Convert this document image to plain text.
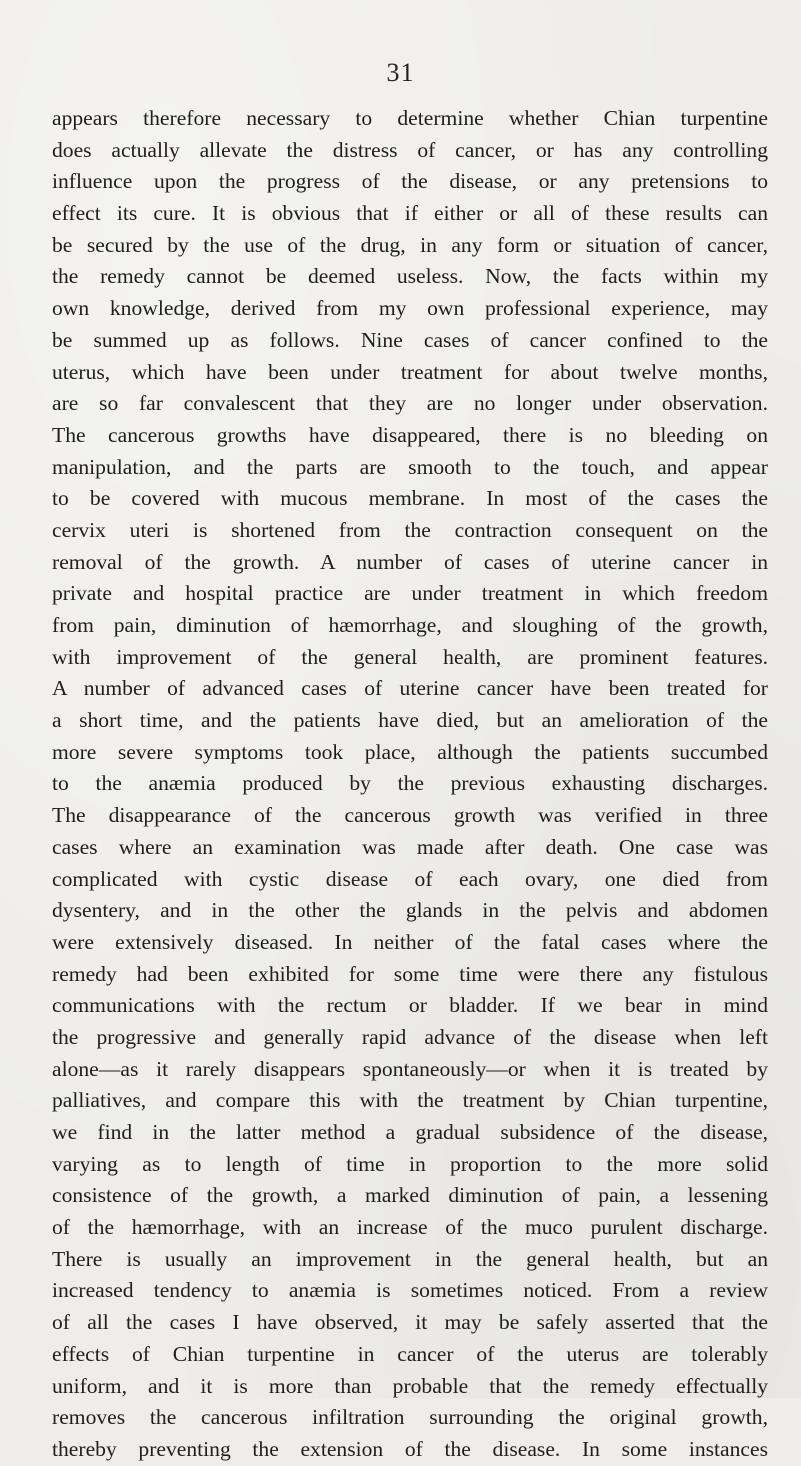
31
appears therefore necessary to determine whether Chian turpentine
does actually allevate the distress of cancer, or has any controlling
influence upon the progress of the disease, or any pretensions to
effect its cure. It is obvious that if either or all of these results can
be secured by the use of the drug, in any form or situation of cancer,
the remedy cannot be deemed useless. Now, the facts within my
own knowledge, derived from my own professional experience, may
be summed up as follows. Nine cases of cancer confined to the
uterus, which have been under treatment for about twelve months,
are so far convalescent that they are no longer under observation.
The cancerous growths have disappeared, there is no bleeding on
manipulation, and the parts are smooth to the touch, and appear
to be covered with mucous membrane. In most of the cases the
cervix uteri is shortened from the contraction consequent on the
removal of the growth. A number of cases of uterine cancer in
private and hospital practice are under treatment in which freedom
from pain, diminution of hæmorrhage, and sloughing of the growth,
with improvement of the general health, are prominent features.
A number of advanced cases of uterine cancer have been treated for
a short time, and the patients have died, but an amelioration of the
more severe symptoms took place, although the patients succumbed
to the anæmia produced by the previous exhausting discharges.
The disappearance of the cancerous growth was verified in three
cases where an examination was made after death. One case was
complicated with cystic disease of each ovary, one died from
dysentery, and in the other the glands in the pelvis and abdomen
were extensively diseased. In neither of the fatal cases where the
remedy had been exhibited for some time were there any fistulous
communications with the rectum or bladder. If we bear in mind
the progressive and generally rapid advance of the disease when left
alone—as it rarely disappears spontaneously—or when it is treated by
palliatives, and compare this with the treatment by Chian turpentine,
we find in the latter method a gradual subsidence of the disease,
varying as to length of time in proportion to the more solid
consistence of the growth, a marked diminution of pain, a lessening
of the hæmorrhage, with an increase of the muco purulent discharge.
There is usually an improvement in the general health, but an
increased tendency to anæmia is sometimes noticed. From a review
of all the cases I have observed, it may be safely asserted that the
effects of Chian turpentine in cancer of the uterus are tolerably
uniform, and it is more than probable that the remedy effectually
removes the cancerous infiltration surrounding the original growth,
thereby preventing the extension of the disease. In some instances
